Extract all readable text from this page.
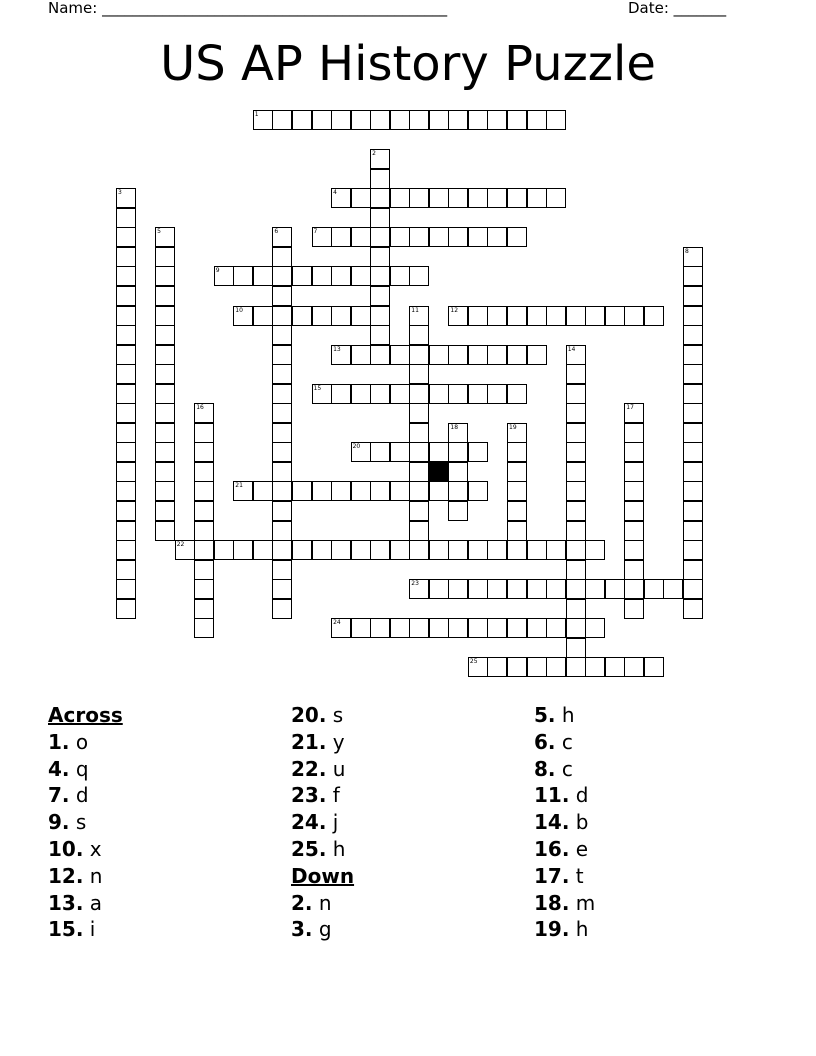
Name: ______________________________________________	Date: _______
US AP History Puzzle
1
2
3	4
5	6	7
8
9
10	11	12
13	14
15
16	17
18	19
20
21
22
23
24
25
Across
1. o
4. q
7. d
9. s
10. x
12. n
13. a
15. i
20. s
21. y
22. u
23. f
24. j
25. h
Down
2. n
3. g
5. h
6. c
8. c
11. d
14. b
16. e
17. t
18. m
19. h
